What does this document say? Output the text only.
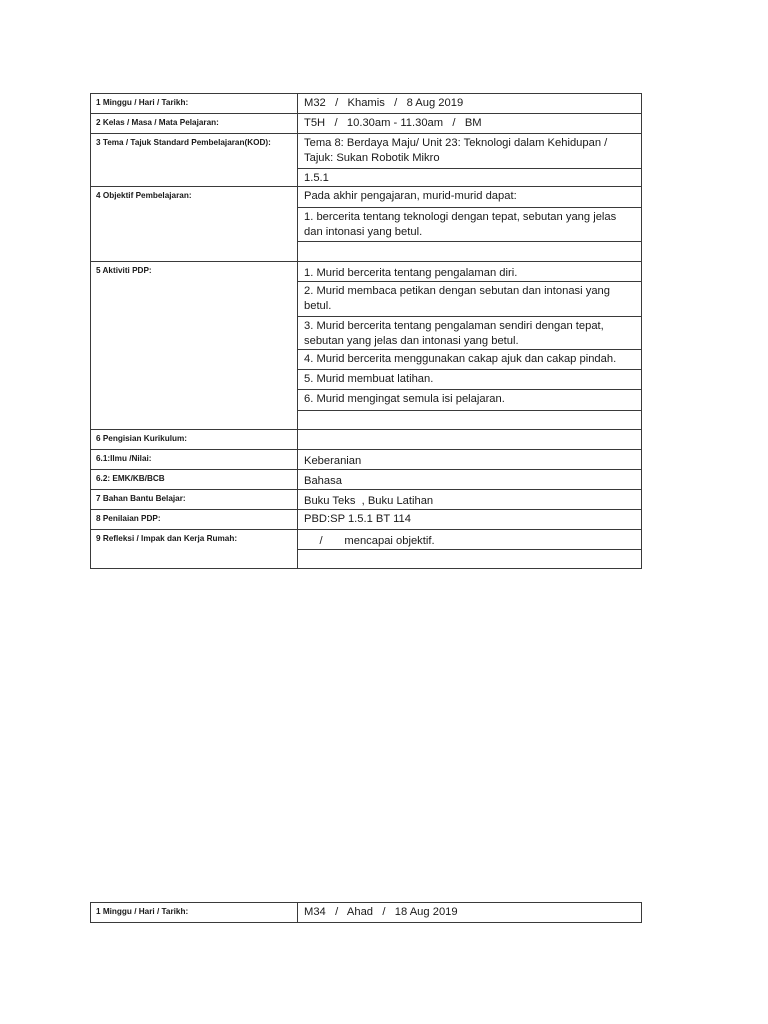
1 Minggu / Hari / Tarikh:	M32   /   Khamis   /   8 Aug 2019
2 Kelas / Masa / Mata Pelajaran:	T5H   /   10.30am - 11.30am   /   BM
3 Tema / Tajuk Standard Pembelajaran(KOD):	Tema 8: Berdaya Maju/ Unit 23: Teknologi dalam Kehidupan / Tajuk: Sukan Robotik Mikro
	1.5.1
4 Objektif Pembelajaran:	Pada akhir pengajaran, murid-murid dapat:
	1. bercerita tentang teknologi dengan tepat, sebutan yang jelas dan intonasi yang betul.

5 Aktiviti PDP:	1. Murid bercerita tentang pengalaman diri.
	2. Murid membaca petikan dengan sebutan dan intonasi yang betul.
	3. Murid bercerita tentang pengalaman sendiri dengan tepat, sebutan yang jelas dan intonasi yang betul.
	4. Murid bercerita menggunakan cakap ajuk dan cakap pindah.
	5. Murid membuat latihan.
	6. Murid mengingat semula isi pelajaran.

6 Pengisian Kurikulum:	
6.1:Ilmu /Nilai:	Keberanian
6.2: EMK/KB/BCB	Bahasa
7 Bahan Bantu Belajar:	Buku Teks  , Buku Latihan
8 Penilaian PDP:	PBD:SP 1.5.1 BT 114
9 Refleksi / Impak dan Kerja Rumah:	/       mencapai objektif.

1 Minggu / Hari / Tarikh:	M34   /   Ahad   /   18 Aug 2019
